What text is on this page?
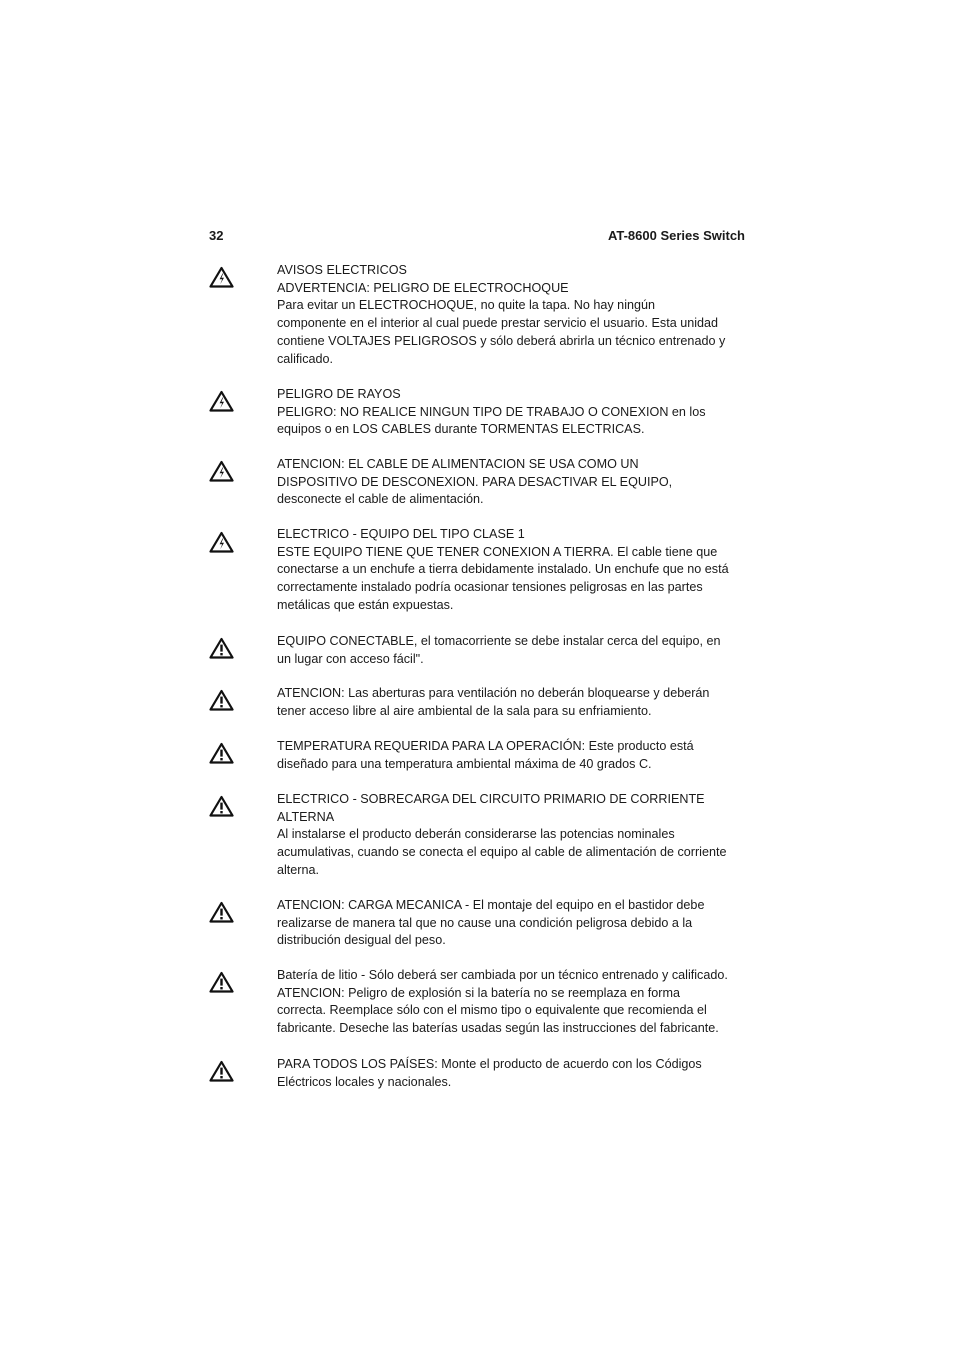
32	AT-8600 Series Switch
AVISOS ELECTRICOS
ADVERTENCIA: PELIGRO DE ELECTROCHOQUE
Para evitar un ELECTROCHOQUE, no quite la tapa. No hay ningún
componente en el interior al cual puede prestar servicio el usuario. Esta unidad
contiene VOLTAJES PELIGROSOS y sólo deberá abrirla un técnico entrenado y
calificado.
PELIGRO DE RAYOS
PELIGRO: NO REALICE NINGUN TIPO DE TRABAJO O CONEXION en los
equipos o en LOS CABLES durante TORMENTAS ELECTRICAS.
ATENCION: EL CABLE DE ALIMENTACION SE USA COMO UN
DISPOSITIVO DE DESCONEXION. PARA DESACTIVAR EL EQUIPO,
desconecte el cable de alimentación.
ELECTRICO - EQUIPO DEL TIPO CLASE 1
ESTE EQUIPO TIENE QUE TENER CONEXION A TIERRA. El cable tiene que
conectarse a un enchufe a tierra debidamente instalado. Un enchufe que no está
correctamente instalado podría ocasionar tensiones peligrosas en las partes
metálicas que están expuestas.
EQUIPO CONECTABLE, el tomacorriente se debe instalar cerca del equipo, en
un lugar con acceso fácil".
ATENCION: Las aberturas para ventilación no deberán bloquearse y deberán
tener acceso libre al aire ambiental de la sala para su enfriamiento.
TEMPERATURA REQUERIDA PARA LA OPERACIÓN: Este producto está
diseñado para una temperatura ambiental máxima de 40 grados C.
ELECTRICO - SOBRECARGA DEL CIRCUITO PRIMARIO DE CORRIENTE
ALTERNA
Al instalarse el producto deberán considerarse las potencias nominales
acumulativas, cuando se conecta el equipo al cable de alimentación de corriente
alterna.
ATENCION: CARGA MECANICA - El montaje del equipo en el bastidor debe
realizarse de manera tal que no cause una condición peligrosa debido a la
distribución desigual del peso.
Batería de litio - Sólo deberá ser cambiada por un técnico entrenado y calificado.
ATENCION: Peligro de explosión si la batería no se reemplaza en forma
correcta. Reemplace sólo con el mismo tipo o equivalente que recomienda el
fabricante. Deseche las baterías usadas según las instrucciones del fabricante.
PARA TODOS LOS PAÍSES: Monte el producto de acuerdo con los Códigos
Eléctricos locales y nacionales.
